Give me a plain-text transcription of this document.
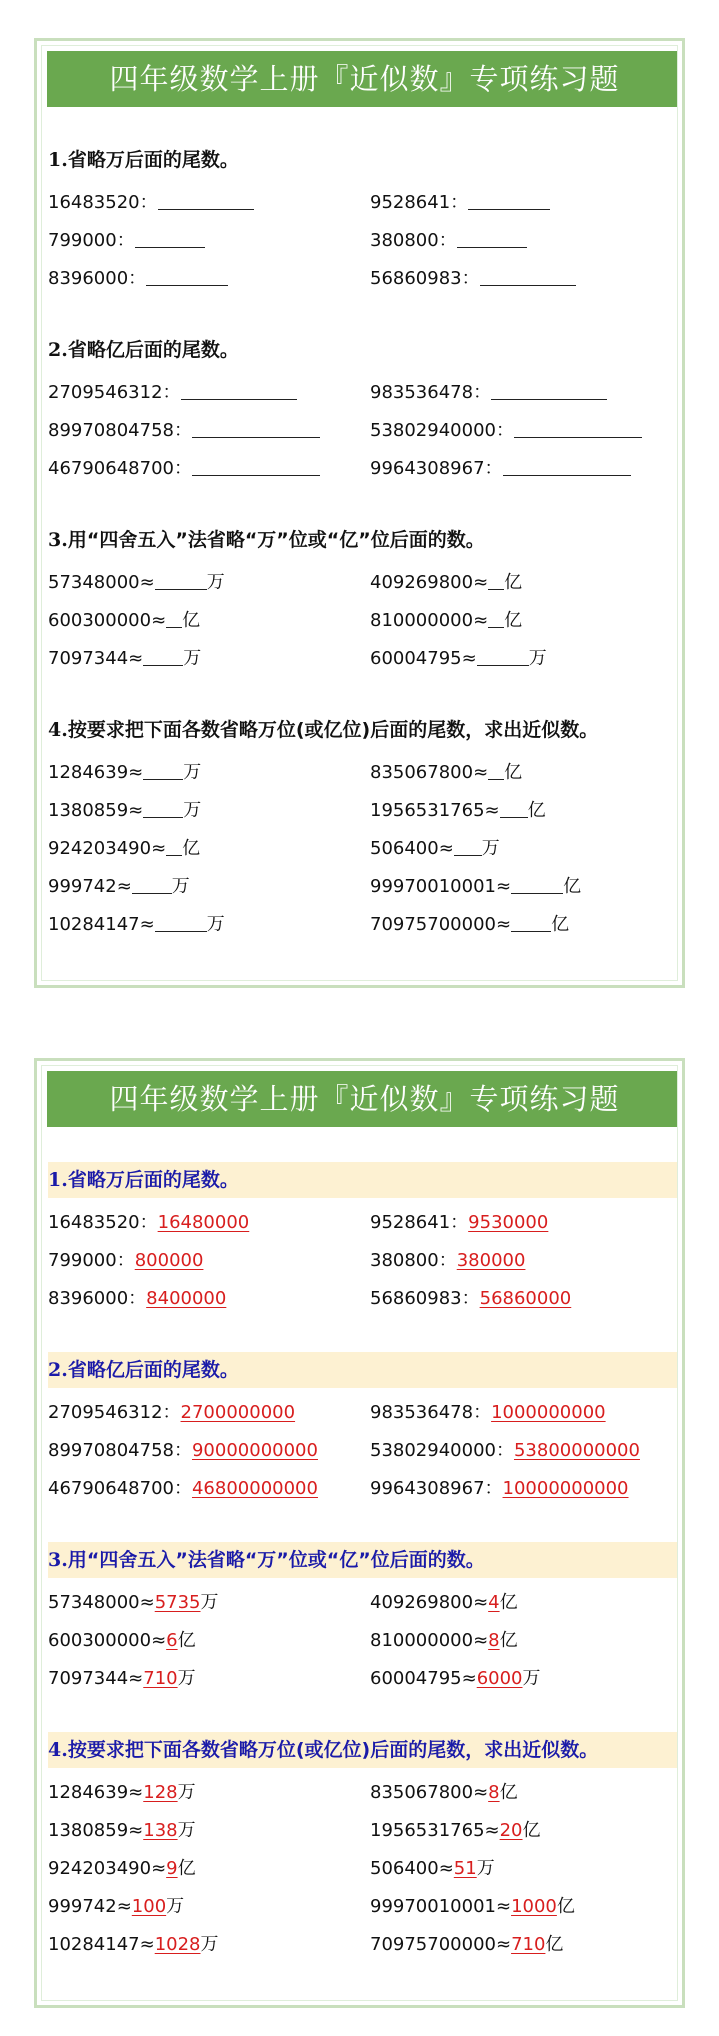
四年级数学上册『近似数』专项练习题
1.省略万后面的尾数。
16483520：	9528641：
799000：	380800：
8396000：	56860983：
2.省略亿后面的尾数。
2709546312：	983536478：
89970804758：	53802940000：
46790648700：	9964308967：
3.用“四舍五入”法省略“万”位或“亿”位后面的数。
57348000≈	万	409269800≈ 亿
600300000≈ 亿	810000000≈ 亿
7097344≈ 万	60004795≈	万
4.按要求把下面各数省略万位(或亿位)后面的尾数，求出近似数。
1284639≈ 万	835067800≈ 亿
1380859≈ 万	1956531765≈ 亿
924203490≈ 亿	506400≈ 万
999742≈ 万	99970010001≈	亿
10284147≈	万	70975700000≈ 亿
四年级数学上册『近似数』专项练习题
1.省略万后面的尾数。
16483520：16480000	9528641：9530000
799000：800000	380800：380000
8396000：8400000	56860983：56860000
2.省略亿后面的尾数。
2709546312：2700000000	983536478：1000000000
89970804758：90000000000	53802940000：53800000000
46790648700：46800000000	9964308967：10000000000
3.用“四舍五入”法省略“万”位或“亿”位后面的数。
57348000≈5735万	409269800≈4亿
600300000≈6亿	810000000≈8亿
7097344≈710万	60004795≈6000万
4.按要求把下面各数省略万位(或亿位)后面的尾数，求出近似数。
1284639≈128万	835067800≈8亿
1380859≈138万	1956531765≈20亿
924203490≈9亿	506400≈51万
999742≈100万	99970010001≈1000亿
10284147≈1028万	70975700000≈710亿
